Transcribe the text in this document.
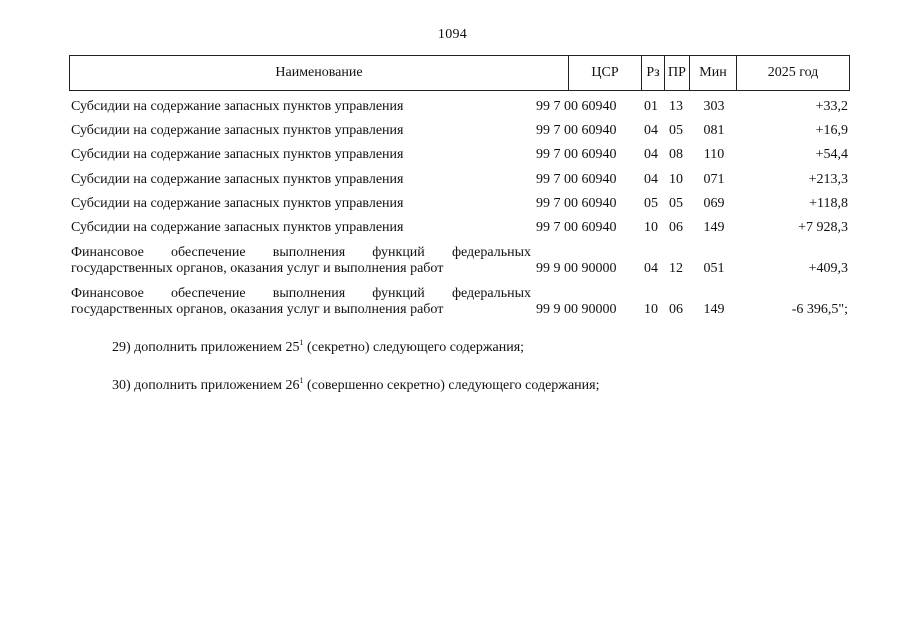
1094
Наименование	ЦСР	Рз ПР Мин	2025 год
Субсидии на содержание запасных пунктов управления	99 7 00 60940	01 13	303	+33,2
Субсидии на содержание запасных пунктов управления	99 7 00 60940	04 05	081	+16,9
Субсидии на содержание запасных пунктов управления	99 7 00 60940	04 08	110	+54,4
Субсидии на содержание запасных пунктов управления	99 7 00 60940	04 10	071	+213,3
Субсидии на содержание запасных пунктов управления	99 7 00 60940	05 05	069	+118,8
Субсидии на содержание запасных пунктов управления	99 7 00 60940	10 06	149	+7 928,3
Финансовое обеспечение выполнения функций федеральных государственных органов, оказания услуг и выполнения работ	99 9 00 90000	04 12	051	+409,3
Финансовое обеспечение выполнения функций федеральных государственных органов, оказания услуг и выполнения работ	99 9 00 90000	10 06	149	-6 396,5";
29) дополнить приложением $25^1$ (секретно) следующего содержания;
30) дополнить приложением $26^1$ (совершенно секретно) следующего содержания;
